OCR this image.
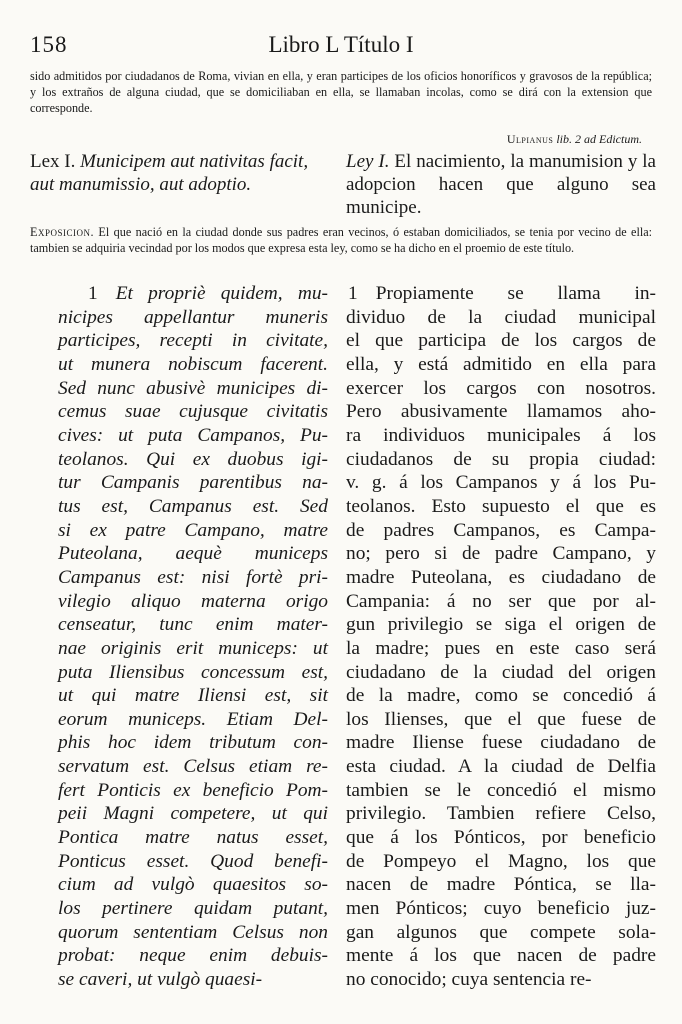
158	Libro L Título I
sido admitidos por ciudadanos de Roma, vivian en ella, y eran participes de los oficios honoríficos y gravosos de la república; y los extraños de alguna ciudad, que se domiciliaban en ella, se llamaban incolas, como se dirá con la extension que corresponde.
Ulpianus lib. 2 ad Edictum.
Lex I. Municipem aut nativitas facit, aut manumissio, aut adoptio.
Ley I. El nacimiento, la manumision y la adopcion hacen que alguno sea municipe.
Exposicion. El que nació en la ciudad donde sus padres eran vecinos, ó estaban domiciliados, se tenia por vecino de ella: tambien se adquiria vecindad por los modos que expresa esta ley, como se ha dicho en el proemio de este título.
1 Et propriè quidem, mu-
nicipes appellantur muneris
participes, recepti in civitate,
ut munera nobiscum facerent.
Sed nunc abusivè municipes di-
cemus suae cujusque civitatis
cives: ut puta Campanos, Pu-
teolanos. Qui ex duobus igi-
tur Campanis parentibus na-
tus est, Campanus est. Sed
si ex patre Campano, matre
Puteolana, aequè municeps
Campanus est: nisi fortè pri-
vilegio aliquo materna origo
censeatur, tunc enim mater-
nae originis erit municeps: ut
puta Iliensibus concessum est,
ut qui matre Iliensi est, sit
eorum municeps. Etiam Del-
phis hoc idem tributum con-
servatum est. Celsus etiam re-
fert Ponticis ex beneficio Pom-
peii Magni competere, ut qui
Pontica matre natus esset,
Ponticus esset. Quod benefi-
cium ad vulgò quaesitos so-
los pertinere quidam putant,
quorum sententiam Celsus non
probat: neque enim debuis-
se caveri, ut vulgò quaesi-
1 Propiamente se llama in-
dividuo de la ciudad municipal
el que participa de los cargos de
ella, y está admitido en ella para
exercer los cargos con nosotros.
Pero abusivamente llamamos aho-
ra individuos municipales á los
ciudadanos de su propia ciudad:
v. g. á los Campanos y á los Pu-
teolanos. Esto supuesto el que es
de padres Campanos, es Campa-
no; pero si de padre Campano, y
madre Puteolana, es ciudadano de
Campania: á no ser que por al-
gun privilegio se siga el origen de
la madre; pues en este caso será
ciudadano de la ciudad del origen
de la madre, como se concedió á
los Ilienses, que el que fuese de
madre Iliense fuese ciudadano de
esta ciudad. A la ciudad de Delfia
tambien se le concedió el mismo
privilegio. Tambien refiere Celso,
que á los Pónticos, por beneficio
de Pompeyo el Magno, los que
nacen de madre Póntica, se lla-
men Pónticos; cuyo beneficio juz-
gan algunos que compete sola-
mente á los que nacen de padre
no conocido; cuya sentencia re-
